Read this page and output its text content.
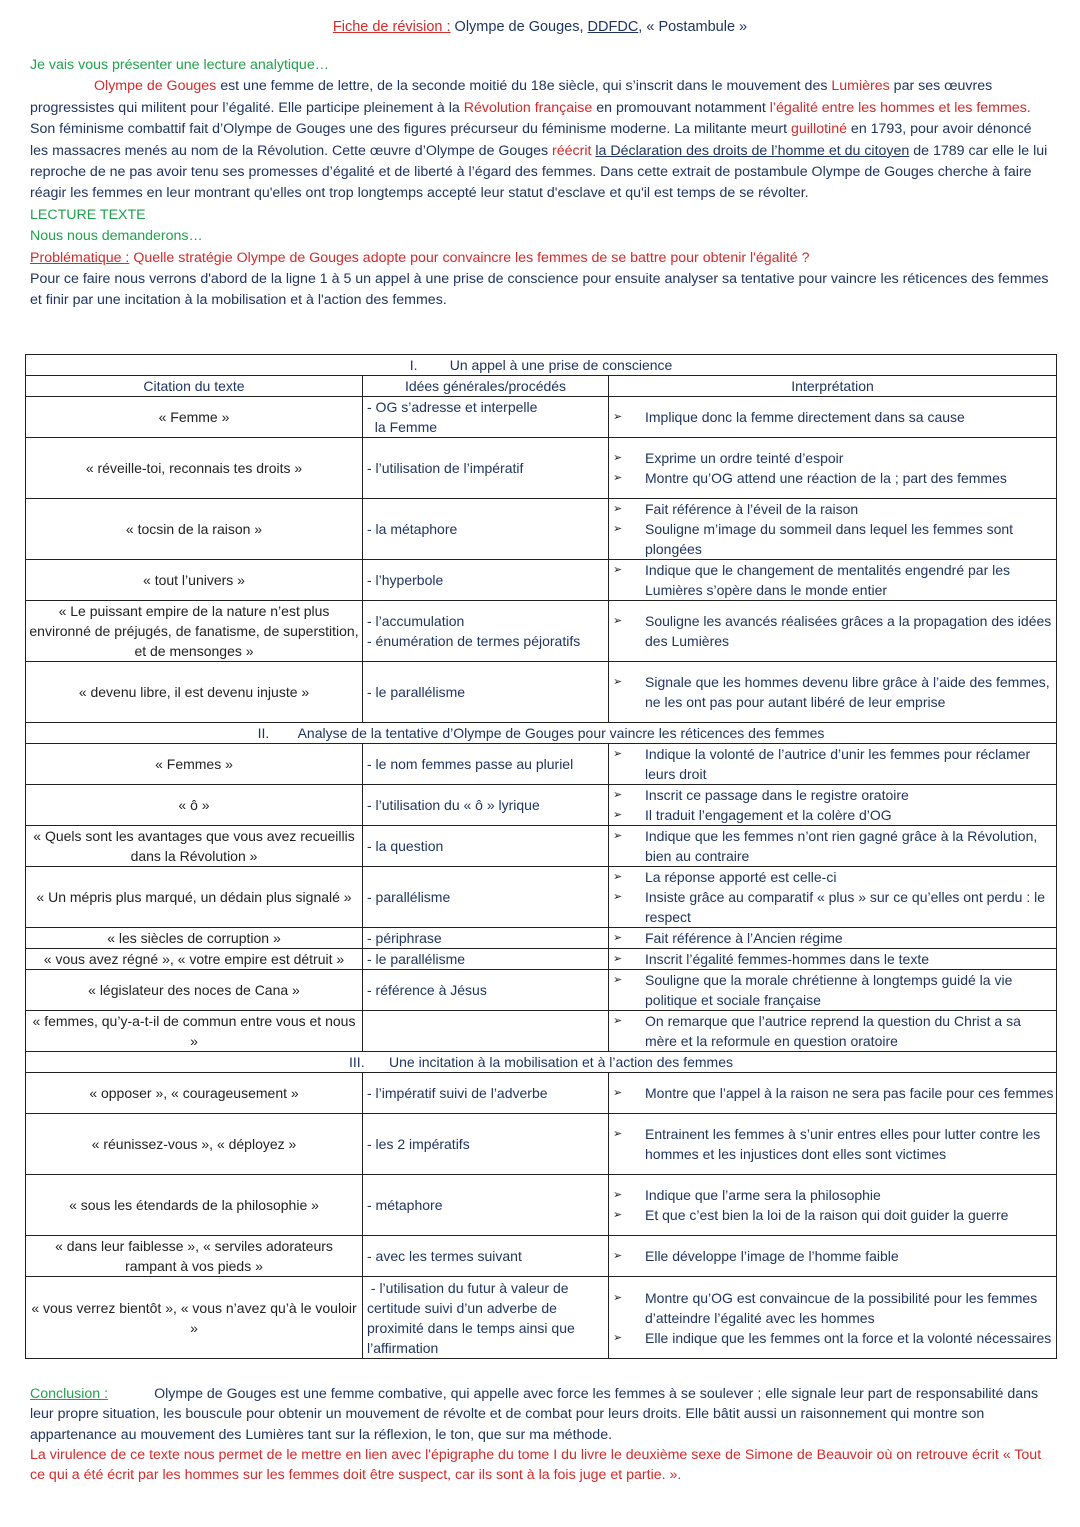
Fiche de révision : Olympe de Gouges, DDFDC, « Postambule »

Je vais vous présenter une lecture analytique…

Olympe de Gouges est une femme de lettre, de la seconde moitié du 18e siècle, qui s’inscrit dans le mouvement des Lumières par ses œuvres progressistes qui militent pour l’égalité. Elle participe pleinement à la Révolution française en promouvant notamment l’égalité entre les hommes et les femmes. Son féminisme combattif fait d’Olympe de Gouges une des figures précurseur du féminisme moderne. La militante meurt guillotiné en 1793, pour avoir dénoncé les massacres menés au nom de la Révolution. Cette œuvre d’Olympe de Gouges réécrit la Déclaration des droits de l’homme et du citoyen de 1789 car elle le lui reproche de ne pas avoir tenu ses promesses d’égalité et de liberté à l’égard des femmes. Dans cette extrait de postambule Olympe de Gouges cherche à faire réagir les femmes en leur montrant qu'elles ont trop longtemps accepté leur statut d'esclave et qu'il est temps de se révolter.

LECTURE TEXTE

Nous nous demanderons…

Problématique : Quelle stratégie Olympe de Gouges adopte pour convaincre les femmes de se battre pour obtenir l'égalité ?

Pour ce faire nous verrons d'abord de la ligne 1 à 5 un appel à une prise de conscience pour ensuite analyser sa tentative pour vaincre les réticences des femmes et finir par une incitation à la mobilisation et à l'action des femmes.

I. Un appel à une prise de conscience		
Citation du texte	Idées générales/procédés	Interprétation
« Femme »	
- OG s’adresse et interpelle
la Femme

➢ Implique donc la femme directement dans sa cause

« réveille-toi, reconnais tes droits »	- l’utilisation de l’impératif

➢ Exprime un ordre teinté d’espoir
➢ Montre qu’OG attend une réaction de la ; part des femmes

« tocsin de la raison »	- la métaphore

➢ Fait référence à l’éveil de la raison
➢ Souligne m’image du sommeil dans lequel les femmes sont plongées

« tout l’univers »	- l’hyperbole

➢ Indique que le changement de mentalités engendré par les Lumières s’opère dans le monde entier

« Le puissant empire de la nature n’est plus environné de préjugés, de fanatisme, de superstition, et de mensonges »	
- l’accumulation
- énumération de termes péjoratifs

➢ Souligne les avancés réalisées grâces a la propagation des idées des Lumières

« devenu libre, il est devenu injuste »	- le parallélisme

➢ Signale que les hommes devenu libre grâce à l’aide des femmes, ne les ont pas pour autant libéré de leur emprise

II. Analyse de la tentative d’Olympe de Gouges pour vaincre les réticences des femmes		
« Femmes »	- le nom femmes passe au pluriel

➢ Indique la volonté de l’autrice d’unir les femmes pour réclamer leurs droit

« ô »	- l’utilisation du « ô » lyrique

➢ Inscrit ce passage dans le registre oratoire
➢ Il traduit l’engagement et la colère d’OG

« Quels sont les avantages que vous avez recueillis dans la Révolution »	
- la question

➢ Indique que les femmes n’ont rien gagné grâce à la Révolution, bien au contraire

« Un mépris plus marqué, un dédain plus signalé »	- parallélisme

➢ La réponse apporté est celle-ci
➢ Insiste grâce au comparatif « plus » sur ce qu’elles ont perdu : le respect

« les siècles de corruption »	- périphrase

➢Fait référence à l’Ancien régime

« vous avez régné », « votre empire est détruit »	- le parallélisme

➢Inscrit l’égalité femmes-hommes dans le texte

« législateur des noces de Cana »	- référence à Jésus

➢ Souligne que la morale chrétienne à longtemps guidé la vie politique et sociale française

« femmes, qu’y-a-t-il de commun entre vous et nous »		
➢ On remarque que l’autrice reprend la question du Christ a sa mère et la reformule en question oratoire

III. Une incitation à la mobilisation et à l’action des femmes		
« opposer », « courageusement »	- l’impératif suivi de l’adverbe

➢Montre que l’appel à la raison ne sera pas facile pour ces femmes

« réunissez-vous », « déployez »	- les 2 impératifs

➢ Entrainent les femmes à s’unir entres elles pour lutter contre les hommes et les injustices dont elles sont victimes

« sous les étendards de la philosophie »	- métaphore

➢ Indique que l’arme sera la philosophie
➢ Et que c’est bien la loi de la raison qui doit guider la guerre

« dans leur faiblesse », « serviles adorateurs rampant à vos pieds »	
- avec les termes suivant

➢Elle développe l’image de l’homme faible

« vous verrez bientôt », « vous n’avez qu’à le vouloir »	
- l’utilisation du futur à valeur de certitude suivi d’un adverbe de proximité dans le temps ainsi que l’affirmation

➢ Montre qu’OG est convaincue de la possibilité pour les femmes d’atteindre l’égalité avec les hommes
➢ Elle indique que les femmes ont la force et la volonté nécessaires

Conclusion :	Olympe de Gouges est une femme combative, qui appelle avec force les femmes à se soulever ; elle signale leur part de responsabilité dans leur propre situation, les bouscule pour obtenir un mouvement de révolte et de combat pour leurs droits. Elle bâtit aussi un raisonnement qui montre son appartenance au mouvement des Lumières tant sur la réflexion, le ton, que sur ma méthode.

La virulence de ce texte nous permet de le mettre en lien avec l'épigraphe du tome I du livre le deuxième sexe de Simone de Beauvoir où on retrouve écrit « Tout ce qui a été écrit par les hommes sur les femmes doit être suspect, car ils sont à la fois juge et partie. ».
